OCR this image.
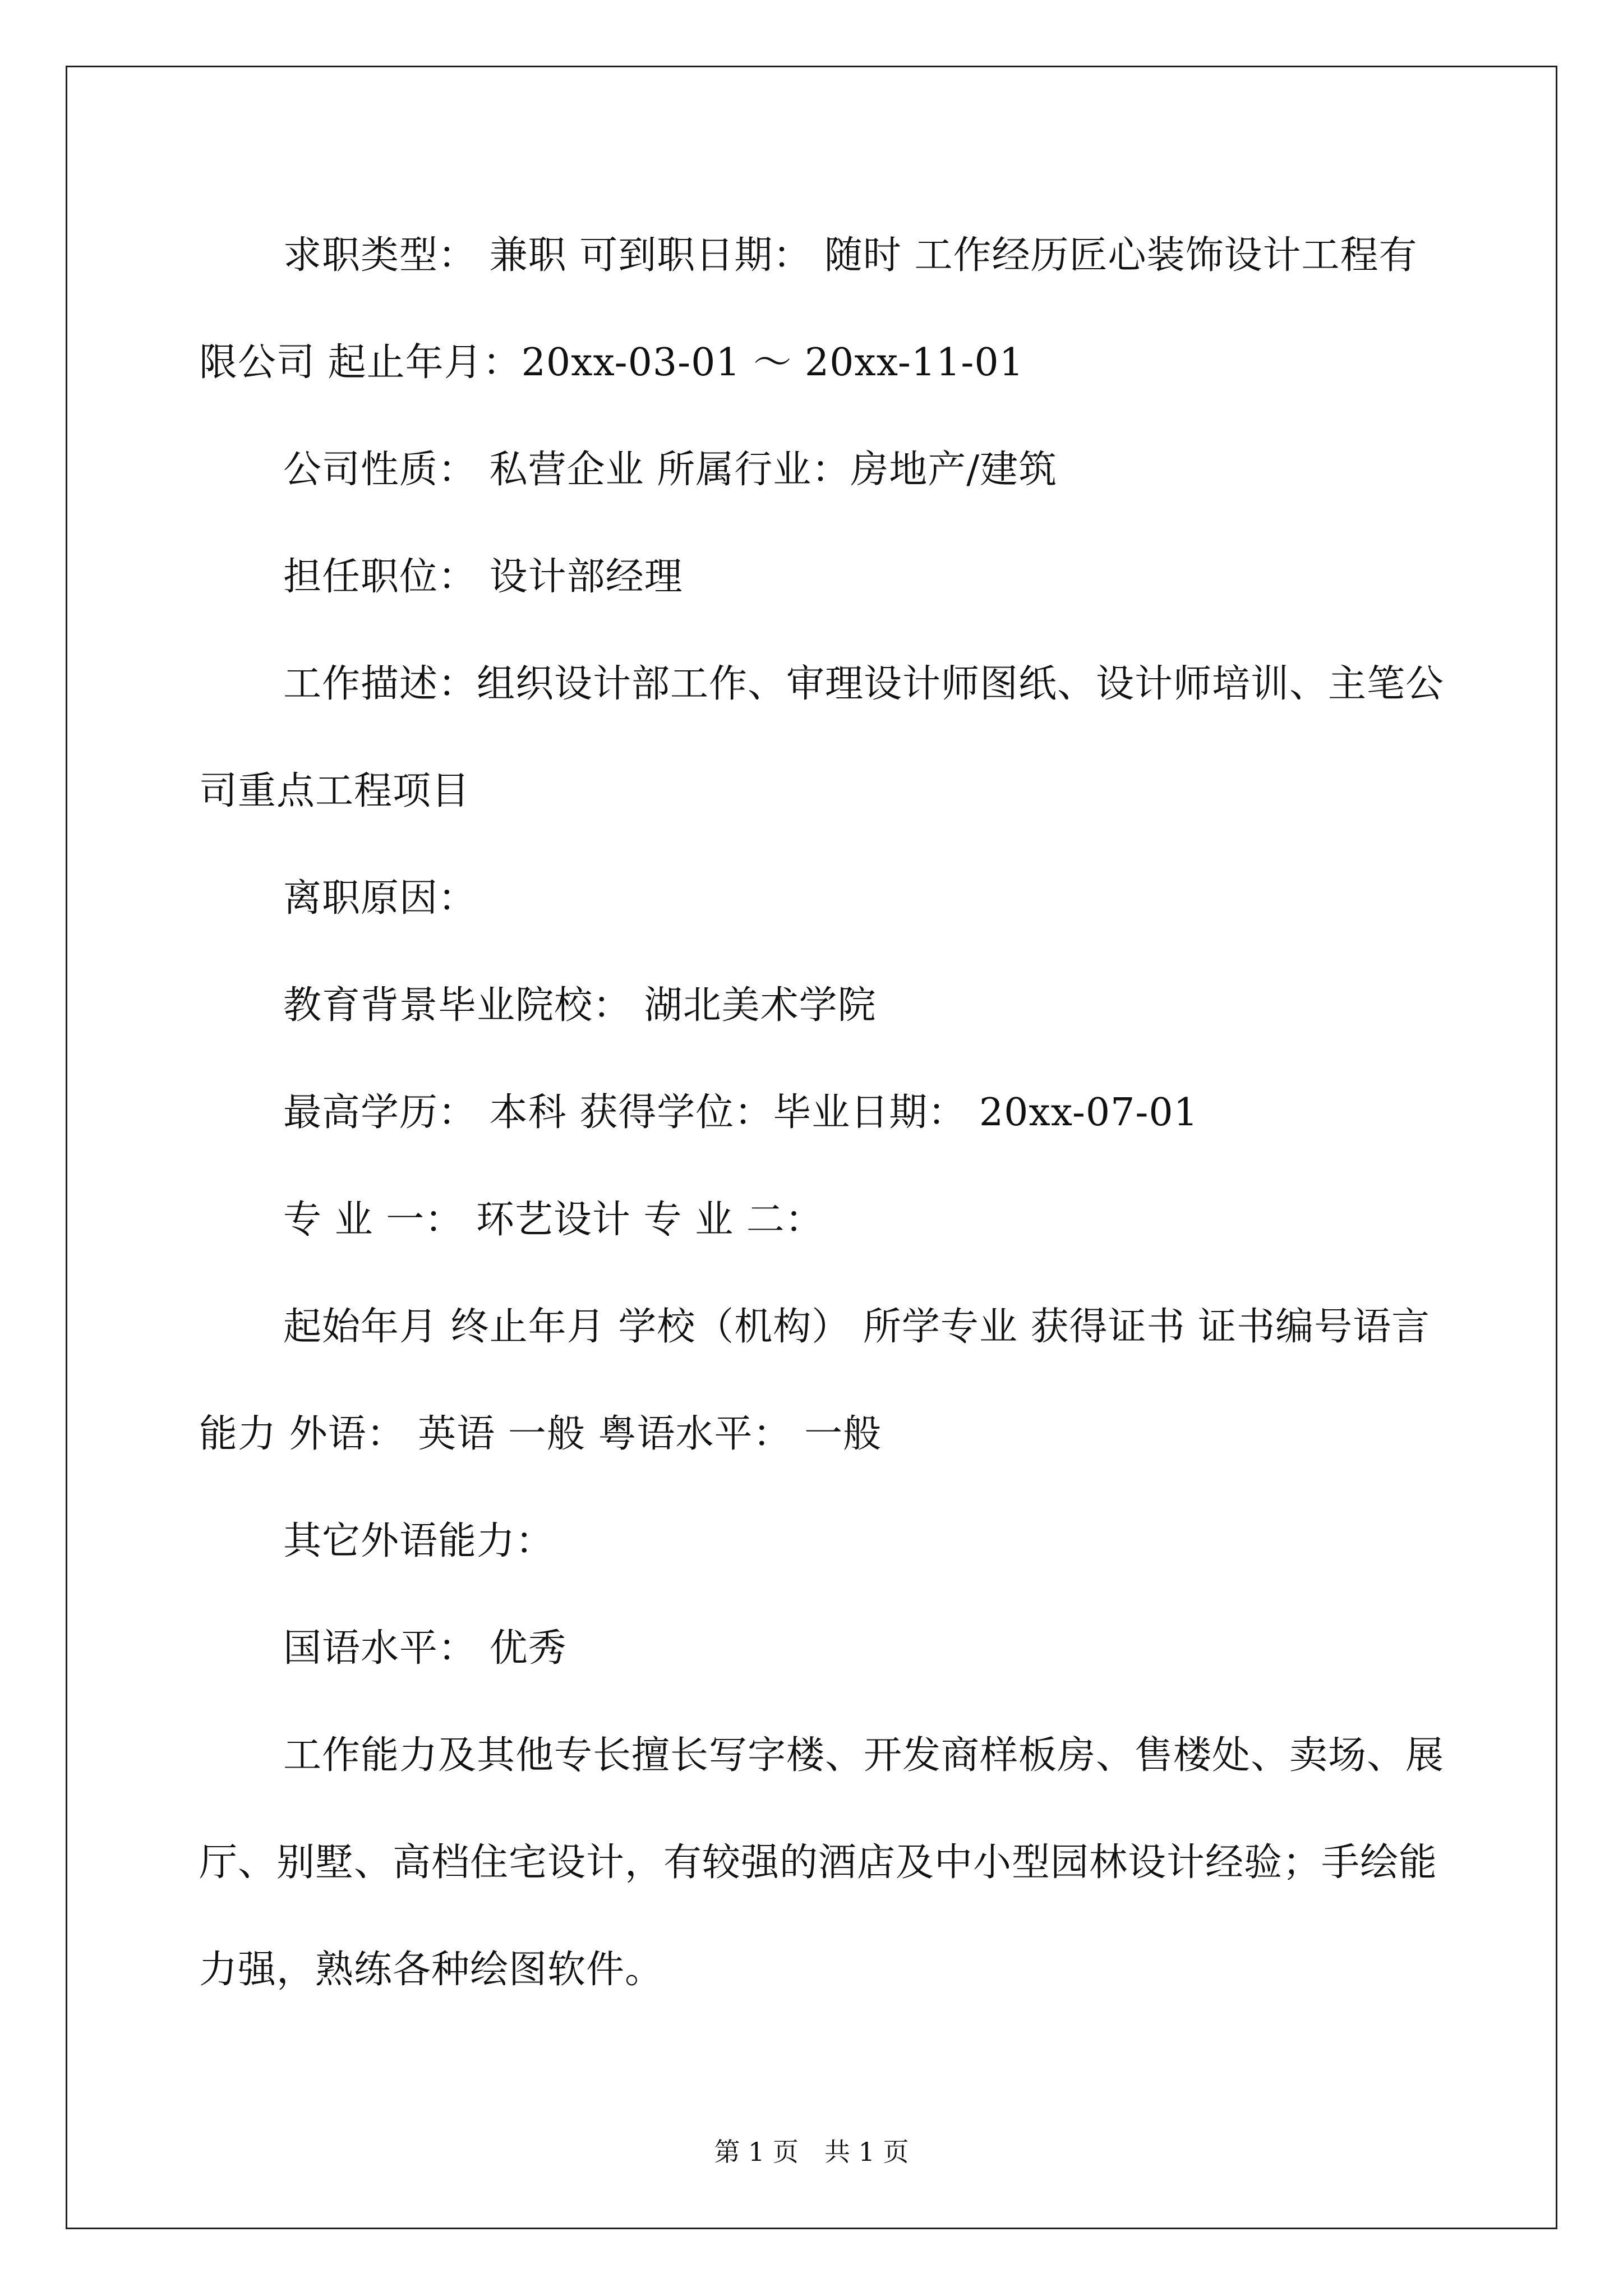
求职类型： 兼职 可到职日期： 随时 工作经历匠心装饰设计工程有限公司 起止年月：20xx-03-01 ～ 20xx-11-01

公司性质： 私营企业 所属行业：房地产/建筑

担任职位： 设计部经理

工作描述：组织设计部工作、审理设计师图纸、设计师培训、主笔公司重点工程项目

离职原因：

教育背景毕业院校： 湖北美术学院

最高学历： 本科 获得学位：毕业日期： 20xx-07-01

专 业 一： 环艺设计 专 业 二：

起始年月 终止年月 学校（机构） 所学专业 获得证书 证书编号语言能力 外语： 英语 一般 粤语水平： 一般

其它外语能力：

国语水平： 优秀

工作能力及其他专长擅长写字楼、开发商样板房、售楼处、卖场、展厅、别墅、高档住宅设计，有较强的酒店及中小型园林设计经验；手绘能力强，熟练各种绘图软件。

第 1 页　共 1 页
